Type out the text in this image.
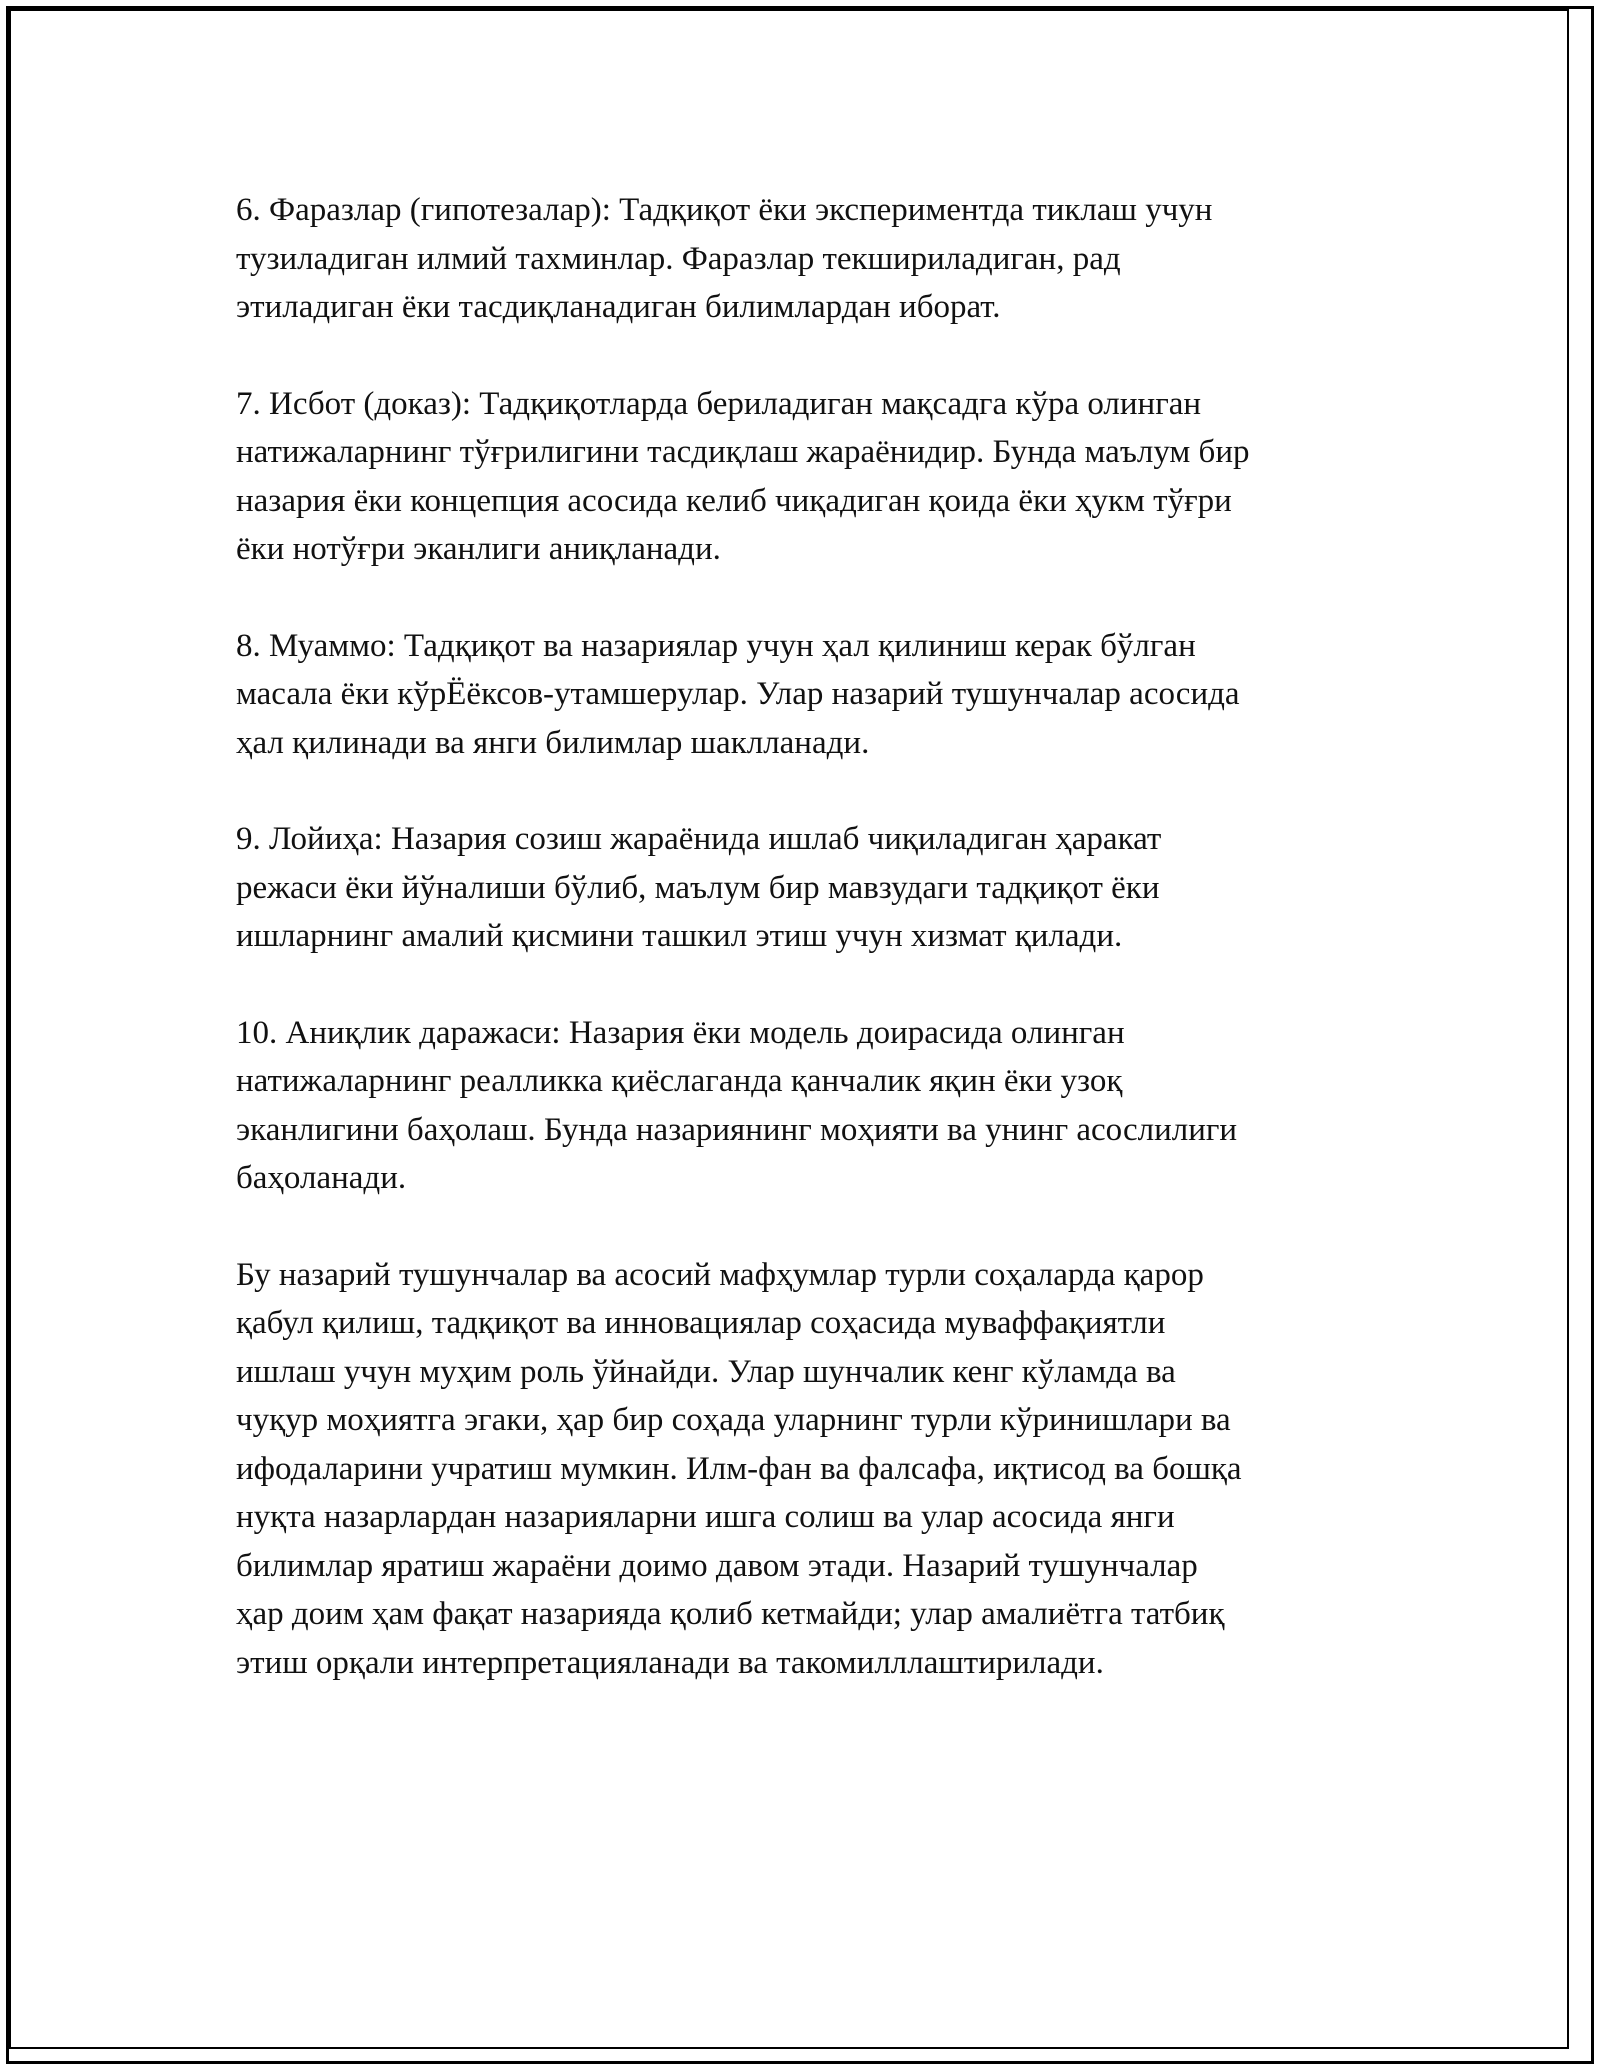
6. Фаразлар (гипотезалар): Тадқиқот ёки экспериментда тиклаш учун
тузиладиган илмий тахминлар. Фаразлар текшириладиган, рад
этиладиган ёки тасдиқланадиган билимлардан иборат.

7. Исбот (доказ): Тадқиқотларда бериладиган мақсадга кўра олинган
натижаларнинг тўғрилигини тасдиқлаш жараёнидир. Бунда маълум бир
назария ёки концепция асосида келиб чиқадиган қоида ёки ҳукм тўғри
ёки нотўғри эканлиги аниқланади.

8. Муаммо: Тадқиқот ва назариялар учун ҳал қилиниш керак бўлган
масала ёки кўрЁёксов-утамшерулар. Улар назарий тушунчалар асосида
ҳал қилинади ва янги билимлар шаклланади.

9. Лойиҳа: Назария созиш жараёнида ишлаб чиқиладиган ҳаракат
режаси ёки йўналиши бўлиб, маълум бир мавзудаги тадқиқот ёки
ишларнинг амалий қисмини ташкил этиш учун хизмат қилади.

10. Аниқлик даражаси: Назария ёки модель доирасида олинган
натижаларнинг реалликка қиёслаганда қанчалик яқин ёки узоқ
эканлигини баҳолаш. Бунда назариянинг моҳияти ва унинг асослилиги
баҳоланади.

Бу назарий тушунчалар ва асосий мафҳумлар турли соҳаларда қарор
қабул қилиш, тадқиқот ва инновациялар соҳасида муваффақиятли
ишлаш учун муҳим роль ўйнайди. Улар шунчалик кенг кўламда ва
чуқур моҳиятга эгаки, ҳар бир соҳада уларнинг турли кўринишлари ва
ифодаларини учратиш мумкин. Илм-фан ва фалсафа, иқтисод ва бошқа
нуқта назарлардан назарияларни ишга солиш ва улар асосида янги
билимлар яратиш жараёни доимо давом этади. Назарий тушунчалар
ҳар доим ҳам фақат назарияда қолиб кетмайди; улар амалиётга татбиқ
этиш орқали интерпретацияланади ва такомилллаштирилади.
